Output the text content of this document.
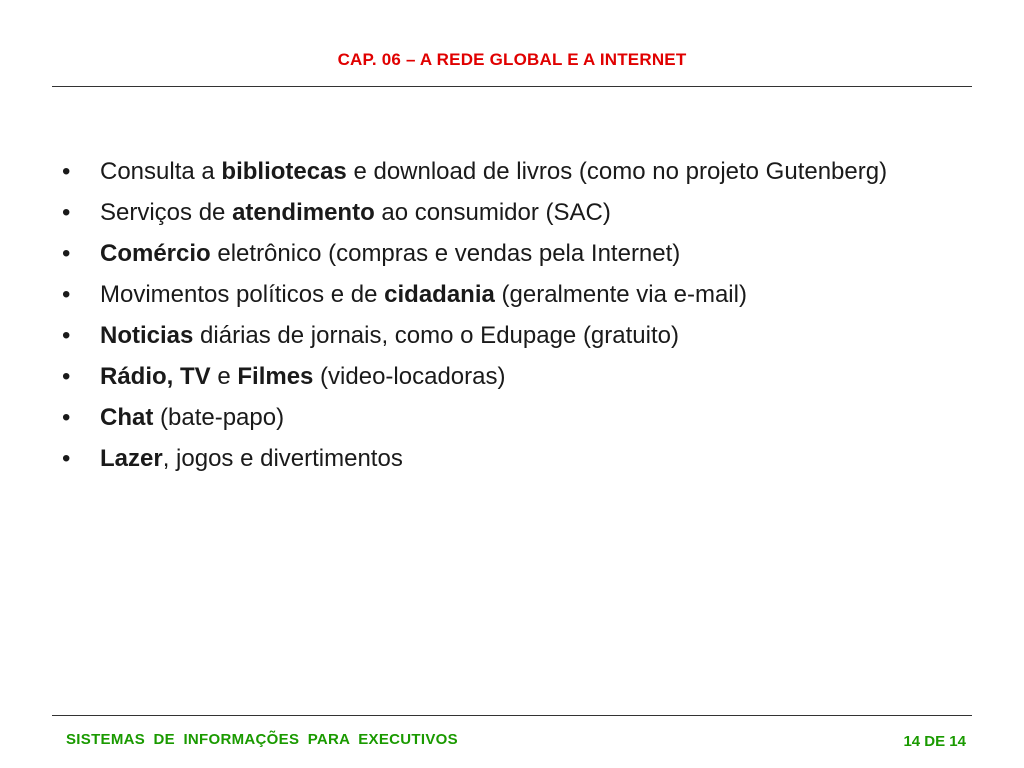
CAP. 06 – A REDE GLOBAL E A INTERNET
•	Consulta a bibliotecas e download de livros (como no projeto Gutenberg)
•	Serviços de atendimento ao consumidor (SAC)
•	Comércio eletrônico (compras e vendas pela Internet)
•	Movimentos políticos e de cidadania (geralmente via e-mail)
•	Noticias diárias de jornais, como o Edupage (gratuito)
•	Rádio, TV e Filmes (video-locadoras)
•	Chat (bate-papo)
•	Lazer, jogos e divertimentos
SISTEMAS DE INFORMAÇÕES PARA EXECUTIVOS	14 DE 14
